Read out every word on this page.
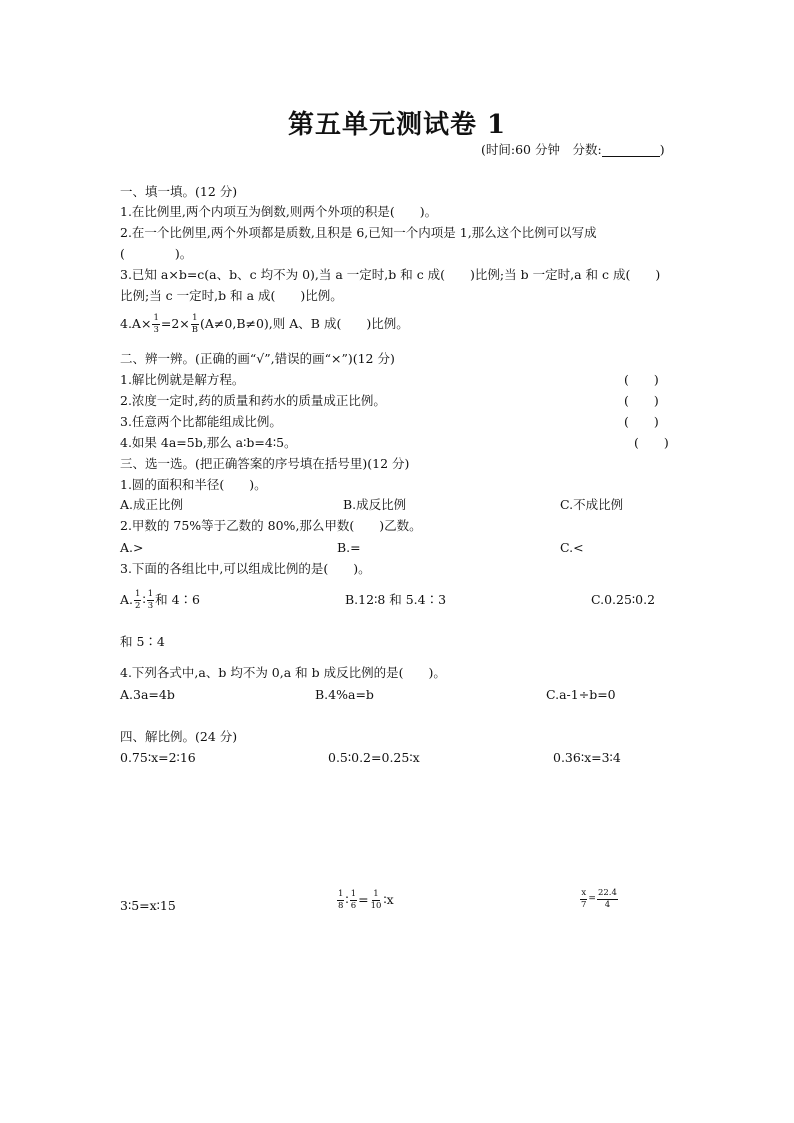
第五单元测试卷 1
(时间:60 分钟　分数:	)
一、填一填。(12 分)
1.在比例里,两个内项互为倒数,则两个外项的积是(　　)。
2.在一个比例里,两个外项都是质数,且积是 6,已知一个内项是 1,那么这个比例可以写成
(　　　　)。
3.已知 a×b=c(a、b、c 均不为 0),当 a 一定时,b 和 c 成(　　)比例;当 b 一定时,a 和 c 成(　　)
比例;当 c 一定时,b 和 a 成(　　)比例。
$4.A\times \frac{1}{3} =2\times \frac{1}{B} (A\ne 0,B\ne 0)$,则 A、B 成(　　)比例。
二、辨一辨。(正确的画“√”,错误的画“×”)(12 分)
1.解比例就是解方程。	(　　)
2.浓度一定时,药的质量和药水的质量成正比例。	(　　)
3.任意两个比都能组成比例。	(　　)
4.如果 4a=5b,那么 a∶b=4∶5。	(　　)
三、选一选。(把正确答案的序号填在括号里)(12 分)
1.圆的面积和半径(　　)。
A.成正比例	B.成反比例	C.不成比例
2.甲数的 75%等于乙数的 80%,那么甲数(　　)乙数。
A.>	B.=	C.<
3.下面的各组比中,可以组成比例的是(　　)。
A. $\frac{1}{2}$ ∶ $\frac{1}{3}$ 和 4∶6	B.12∶8 和 5.4∶3	C.0.25∶0.2
和 5∶4
4.下列各式中,a、b 均不为 0,a 和 b 成反比例的是(　　)。
A.3a=4b	B.4%a=b	C.a-1÷b=0
四、解比例。(24 分)
0.75∶x=2∶16	0.5∶0.2=0.25∶x	0.36∶x=3∶4
3∶5=x∶15	$\frac{1}{8}$ ∶ $\frac{1}{6} = \frac{1}{10}$ ∶x	$\frac{x}{7} = \frac{22.4}{4}$
